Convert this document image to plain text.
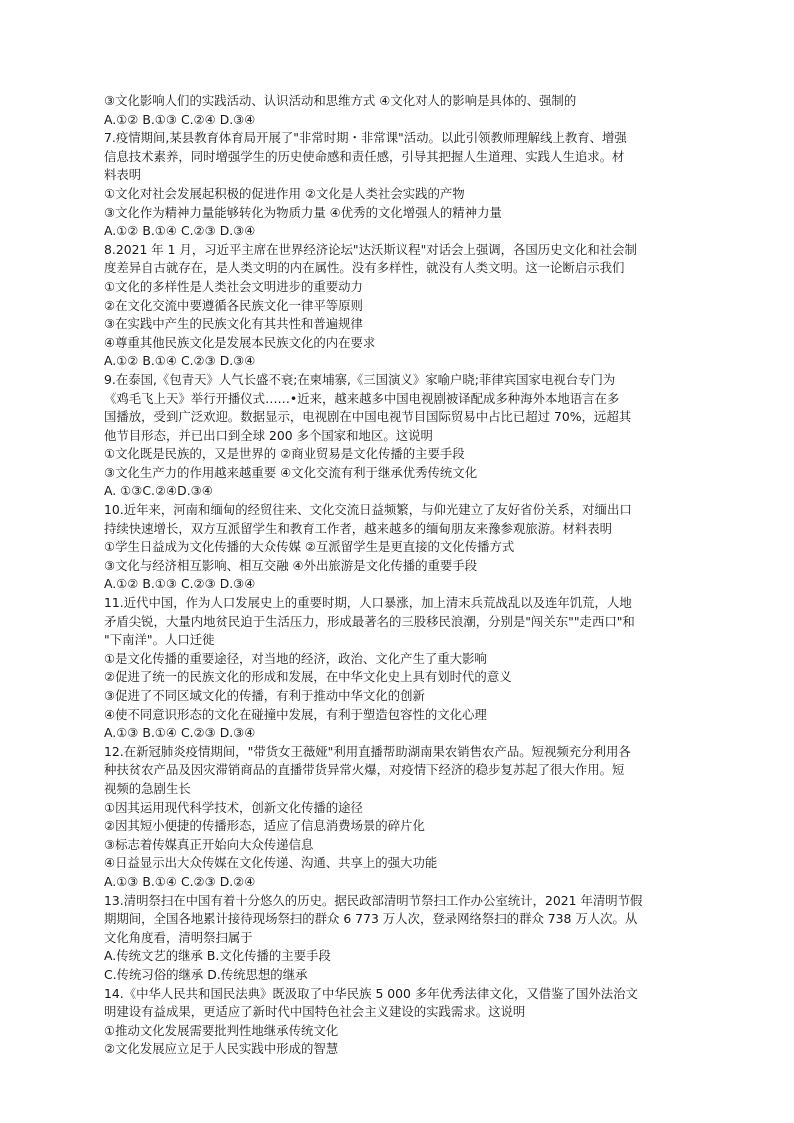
③文化影响人们的实践活动、认识活动和思维方式 ④文化对人的影响是具体的、强制的
A.①② B.①③ C.②④ D.③④
7.疫情期间,某县教育体育局开展了"非常时期・非常课"活动。以此引领教师理解线上教育、增强
信息技术素养，同时增强学生的历史使命感和责任感，引导其把握人生道理、实践人生追求。材
料表明
①文化对社会发展起积极的促进作用 ②文化是人类社会实践的产物
③文化作为精神力量能够转化为物质力量 ④优秀的文化增强人的精神力量
A.①② B.①④ C.②③ D.③④
8.2021 年 1 月，习近平主席在世界经济论坛"达沃斯议程"对话会上强调，各国历史文化和社会制
度差异自古就存在，是人类文明的内在属性。没有多样性，就没有人类文明。这一论断启示我们
①文化的多样性是人类社会文明进步的重要动力
②在文化交流中要遵循各民族文化一律平等原则
③在实践中产生的民族文化有其共性和普遍规律
④尊重其他民族文化是发展本民族文化的内在要求
A.①② B.①④ C.②③ D.③④
9.在泰国,《包青天》人气长盛不衰;在柬埔寨,《三国演义》家喻户晓;菲律宾国家电视台专门为
《鸡毛飞上天》举行开播仪式……•近来，越来越多中国电视剧被译配成多种海外本地语言在多
国播放，受到广泛欢迎。数据显示，电视剧在中国电视节目国际贸易中占比已超过 70%，远超其
他节目形态，并已出口到全球 200 多个国家和地区。这说明
①文化既是民族的，又是世界的 ②商业贸易是文化传播的主要手段
③文化生产力的作用越来越重要 ④文化交流有利于继承优秀传统文化
A. ①③C.②④D.③④
10.近年来，河南和缅甸的经贸往来、文化交流日益频繁，与仰光建立了友好省份关系，对缅出口
持续快速增长，双方互派留学生和教育工作者，越来越多的缅甸朋友来豫参观旅游。材料表明
①学生日益成为文化传播的大众传媒 ②互派留学生是更直接的文化传播方式
③文化与经济相互影响、相互交融 ④外出旅游是文化传播的重要手段
A.①② B.①③ C.②③ D.③④
11.近代中国，作为人口发展史上的重要时期，人口暴涨，加上清末兵荒战乱以及连年饥荒，人地
矛盾尖锐，大量内地贫民迫于生活压力，形成最著名的三股移民浪潮，分别是"闯关东""走西口"和
"下南洋"。人口迁徙
①是文化传播的重要途径，对当地的经济，政治、文化产生了重大影响
②促进了统一的民族文化的形成和发展，在中华文化史上具有划时代的意义
③促进了不同区域文化的传播，有利于推动中华文化的创新
④使不同意识形态的文化在碰撞中发展，有利于塑造包容性的文化心理
A.①③ B.①④ C.②③ D.③④
12.在新冠肺炎疫情期间，"带货女王薇娅"利用直播帮助湖南果农销售农产品。短视频充分利用各
种扶贫农产品及因灾滞销商品的直播带货异常火爆，对疫情下经济的稳步复苏起了很大作用。短
视频的急剧生长
①因其运用现代科学技术，创新文化传播的途径
②因其短小便捷的传播形态，适应了信息消费场景的碎片化
③标志着传媒真正开始向大众传递信息
④日益显示出大众传媒在文化传递、沟通、共享上的强大功能
A.①③ B.①④ C.②③ D.②④
13.清明祭扫在中国有着十分悠久的历史。据民政部清明节祭扫工作办公室统计，2021 年清明节假
期期间，全国各地累计接待现场祭扫的群众 6 773 万人次，登录网络祭扫的群众 738 万人次。从
文化角度看，清明祭扫属于
A.传统文艺的继承 B.文化传播的主要手段
C.传统习俗的继承 D.传统思想的继承
14.《中华人民共和国民法典》既汲取了中华民族 5 000 多年优秀法律文化，又借鉴了国外法治文
明建设有益成果，更适应了新时代中国特色社会主义建设的实践需求。这说明
①推动文化发展需要批判性地继承传统文化
②文化发展应立足于人民实践中形成的智慧
